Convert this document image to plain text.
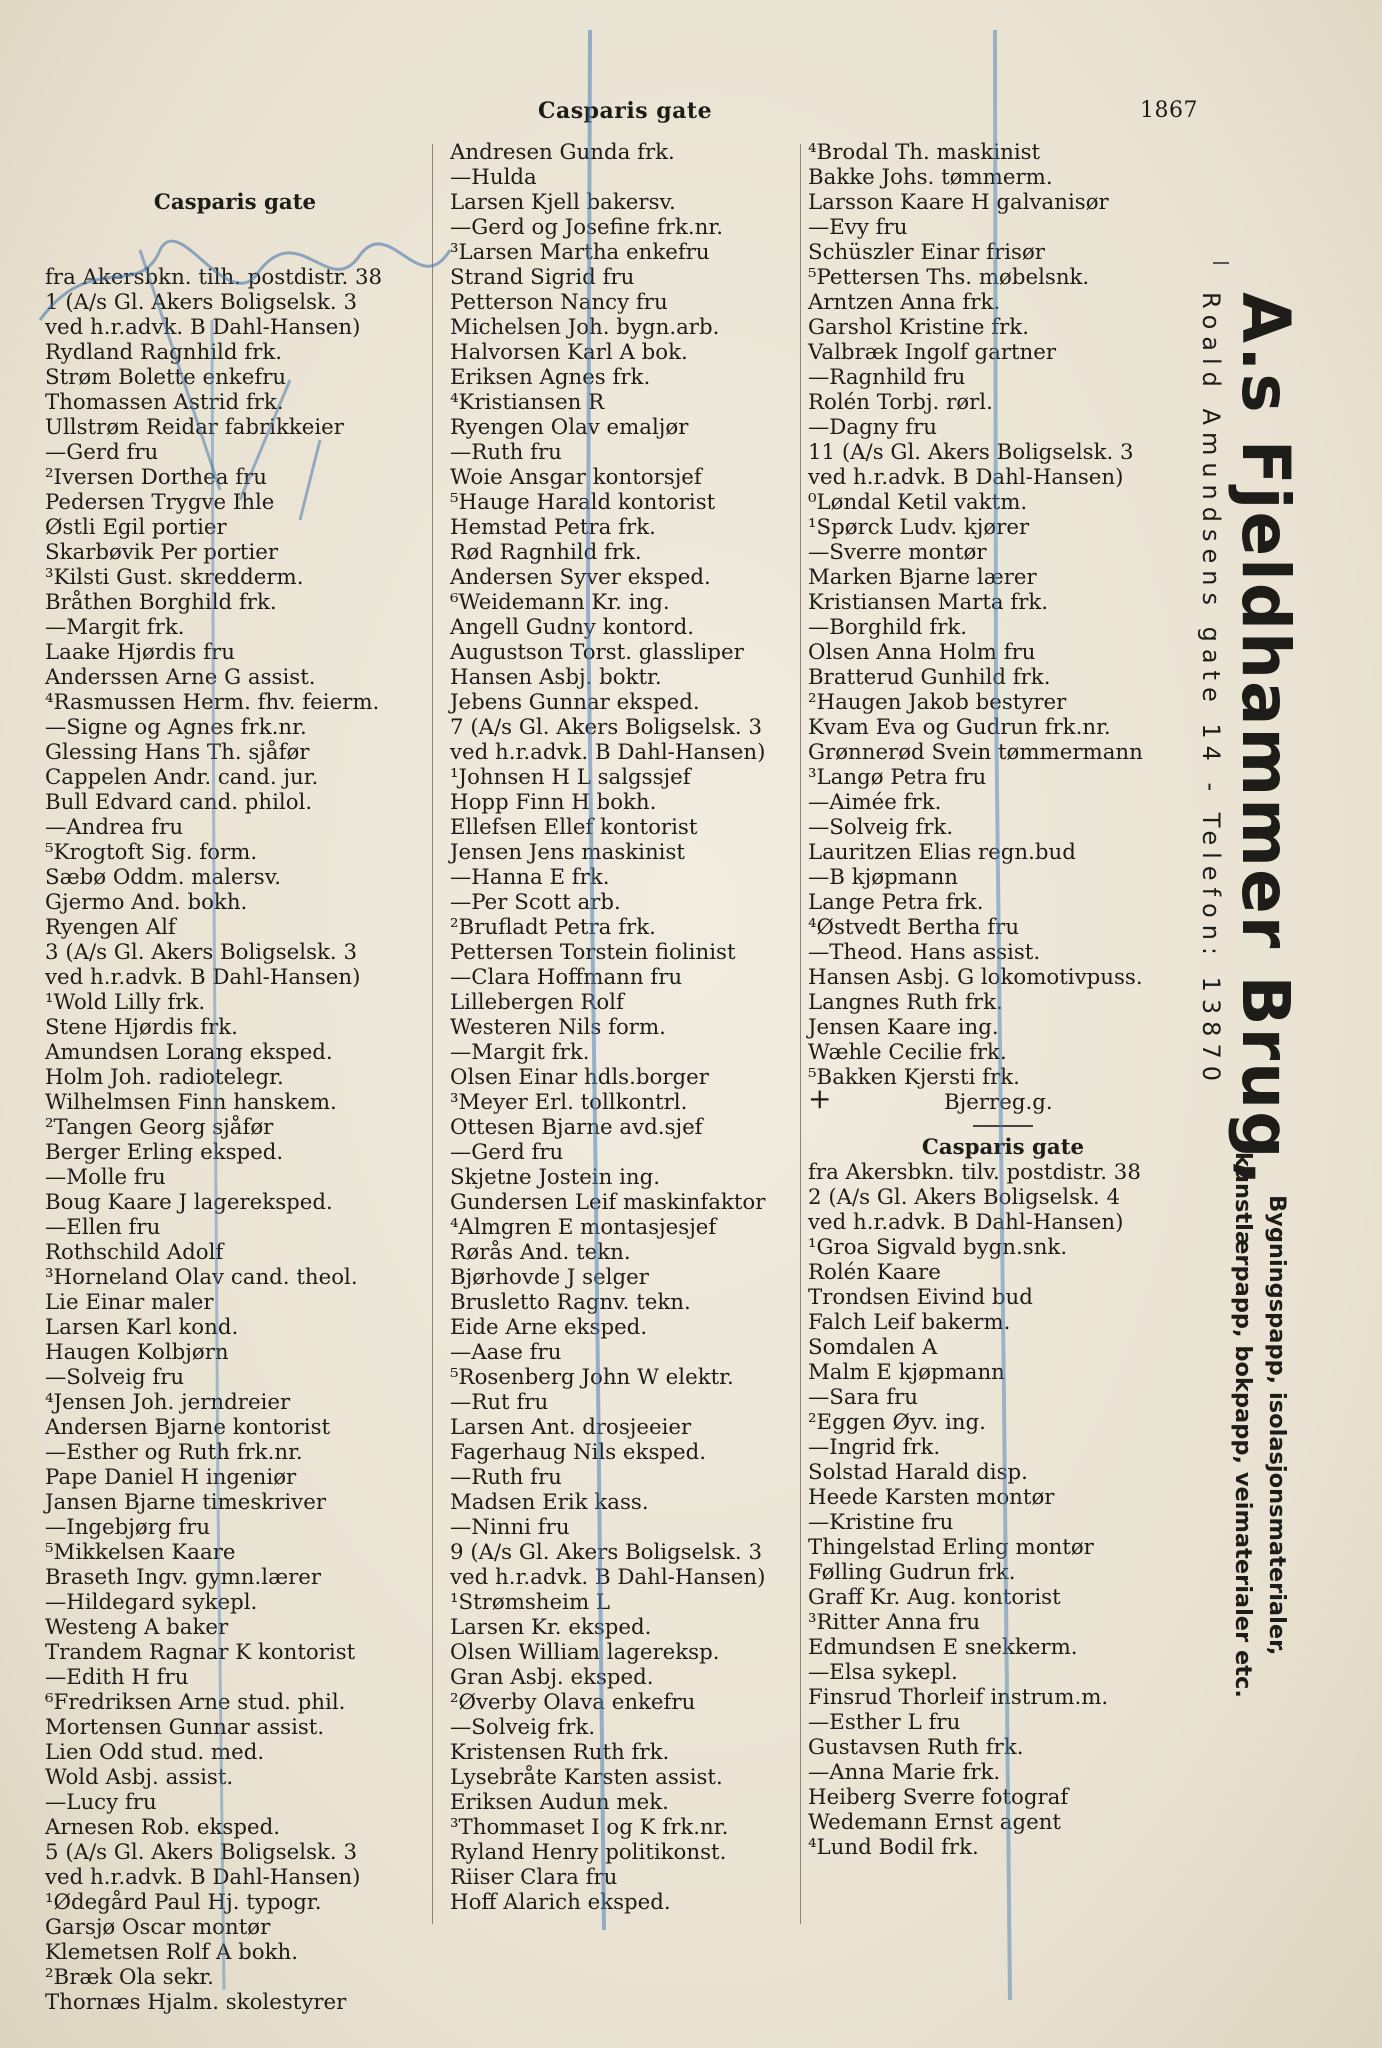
Casparis gate	1867

Casparis gate

fra Akersbkn. tilh. postdistr. 38
1 (A/s Gl. Akers Boligselsk. 3
ved h.r.advk. B Dahl-Hansen)
Rydland Ragnhild frk.
Strøm Bolette enkefru
Thomassen Astrid frk.
Ullstrøm Reidar fabrikkeier
—Gerd fru
²Iversen Dorthea fru
Pedersen Trygve Ihle
Østli Egil portier
Skarbøvik Per portier
³Kilsti Gust. skredderm.
Bråthen Borghild frk.
—Margit frk.
Laake Hjørdis fru
Anderssen Arne G assist.
⁴Rasmussen Herm. fhv. feierm.
—Signe og Agnes frk.nr.
Glessing Hans Th. sjåfør
Cappelen Andr. cand. jur.
Bull Edvard cand. philol.
—Andrea fru
⁵Krogtoft Sig. form.
Sæbø Oddm. malersv.
Gjermo And. bokh.
Ryengen Alf
3 (A/s Gl. Akers Boligselsk. 3
ved h.r.advk. B Dahl-Hansen)
¹Wold Lilly frk.
Stene Hjørdis frk.
Amundsen Lorang eksped.
Holm Joh. radiotelegr.
Wilhelmsen Finn hanskem.
²Tangen Georg sjåfør
Berger Erling eksped.
—Molle fru
Boug Kaare J lagereksped.
—Ellen fru
Rothschild Adolf
³Horneland Olav cand. theol.
Lie Einar maler
Larsen Karl kond.
Haugen Kolbjørn
—Solveig fru
⁴Jensen Joh. jerndreier
Andersen Bjarne kontorist
—Esther og Ruth frk.nr.
Pape Daniel H ingeniør
Jansen Bjarne timeskriver
—Ingebjørg fru
⁵Mikkelsen Kaare
Braseth Ingv. gymn.lærer
—Hildegard sykepl.
Westeng A baker
Trandem Ragnar K kontorist
—Edith H fru
⁶Fredriksen Arne stud. phil.
Mortensen Gunnar assist.
Lien Odd stud. med.
Wold Asbj. assist.
—Lucy fru
Arnesen Rob. eksped.
5 (A/s Gl. Akers Boligselsk. 3
ved h.r.advk. B Dahl-Hansen)
¹Ødegård Paul Hj. typogr.
Garsjø Oscar montør
Klemetsen Rolf A bokh.
²Bræk Ola sekr.
Thornæs Hjalm. skolestyrer
Andresen Gunda frk.
—Hulda
Larsen Kjell bakersv.
—Gerd og Josefine frk.nr.
³Larsen Martha enkefru
Strand Sigrid fru
Petterson Nancy fru
Michelsen Joh. bygn.arb.
Halvorsen Karl A bok.
Eriksen Agnes frk.
⁴Kristiansen R
Ryengen Olav emaljør
—Ruth fru
Woie Ansgar kontorsjef
⁵Hauge Harald kontorist
Hemstad Petra frk.
Rød Ragnhild frk.
Andersen Syver eksped.
⁶Weidemann Kr. ing.
Angell Gudny kontord.
Augustson Torst. glassliper
Hansen Asbj. boktr.
Jebens Gunnar eksped.
7 (A/s Gl. Akers Boligselsk. 3
ved h.r.advk. B Dahl-Hansen)
¹Johnsen H L salgssjef
Hopp Finn H bokh.
Ellefsen Ellef kontorist
Jensen Jens maskinist
—Hanna E frk.
—Per Scott arb.
²Brufladt Petra frk.
Pettersen Torstein fiolinist
—Clara Hoffmann fru
Lillebergen Rolf
Westeren Nils form.
—Margit frk.
Olsen Einar hdls.borger
³Meyer Erl. tollkontrl.
Ottesen Bjarne avd.sjef
—Gerd fru
Skjetne Jostein ing.
Gundersen Leif maskinfaktor
⁴Almgren E montasjesjef
Rørås And. tekn.
Bjørhovde J selger
Brusletto Ragnv. tekn.
Eide Arne eksped.
—Aase fru
⁵Rosenberg John W elektr.
—Rut fru
Larsen Ant. drosjeeier
Fagerhaug Nils eksped.
—Ruth fru
Madsen Erik kass.
—Ninni fru
9 (A/s Gl. Akers Boligselsk. 3
ved h.r.advk. B Dahl-Hansen)
¹Strømsheim L
Larsen Kr. eksped.
Olsen William lagereksp.
Gran Asbj. eksped.
²Øverby Olava enkefru
—Solveig frk.
Kristensen Ruth frk.
Lysebråte Karsten assist.
Eriksen Audun mek.
³Thommaset I og K frk.nr.
Ryland Henry politikonst.
Riiser Clara fru
Hoff Alarich eksped.
⁴Brodal Th. maskinist
Bakke Johs. tømmerm.
Larsson Kaare H galvanisør
—Evy fru
Schüszler Einar frisør
⁵Pettersen Ths. møbelsnk.
Arntzen Anna frk.
Garshol Kristine frk.
Valbræk Ingolf gartner
—Ragnhild fru
Rolén Torbj. rørl.
—Dagny fru
11 (A/s Gl. Akers Boligselsk. 3
ved h.r.advk. B Dahl-Hansen)
⁰Løndal Ketil vaktm.
¹Spørck Ludv. kjører
—Sverre montør
Marken Bjarne lærer
Kristiansen Marta frk.
—Borghild frk.
Olsen Anna Holm fru
Bratterud Gunhild frk.
²Haugen Jakob bestyrer
Kvam Eva og Gudrun frk.nr.
Grønnerød Svein tømmermann
³Langø Petra fru
—Aimée frk.
—Solveig frk.
Lauritzen Elias regn.bud
—B kjøpmann
Lange Petra frk.
⁴Østvedt Bertha fru
—Theod. Hans assist.
Hansen Asbj. G lokomotivpuss.
Langnes Ruth frk.
Jensen Kaare ing.
Wæhle Cecilie frk.
⁵Bakken Kjersti frk.
+	Bjerreg.g.
Casparis gate
fra Akersbkn. tilv. postdistr. 38
2 (A/s Gl. Akers Boligselsk. 4
ved h.r.advk. B Dahl-Hansen)
¹Groa Sigvald bygn.snk.
Rolén Kaare
Trondsen Eivind bud
Falch Leif bakerm.
Somdalen A
Malm E kjøpmann
—Sara fru
²Eggen Øyv. ing.
—Ingrid frk.
Solstad Harald disp.
Heede Karsten montør
—Kristine fru
Thingelstad Erling montør
Følling Gudrun frk.
Graff Kr. Aug. kontorist
³Ritter Anna fru
Edmundsen E snekkerm.
—Elsa sykepl.
Finsrud Thorleif instrum.m.
—Esther L fru
Gustavsen Ruth frk.
—Anna Marie frk.
Heiberg Sverre fotograf
Wedemann Ernst agent
⁴Lund Bodil frk.
A.s Fjeldhammer Brug,
Roald Amundsens gate 14 - Telefon: 13870
Bygningspapp, isolasjonsmaterialer,
kunstlærpapp, bokpapp, veimaterialer etc.
